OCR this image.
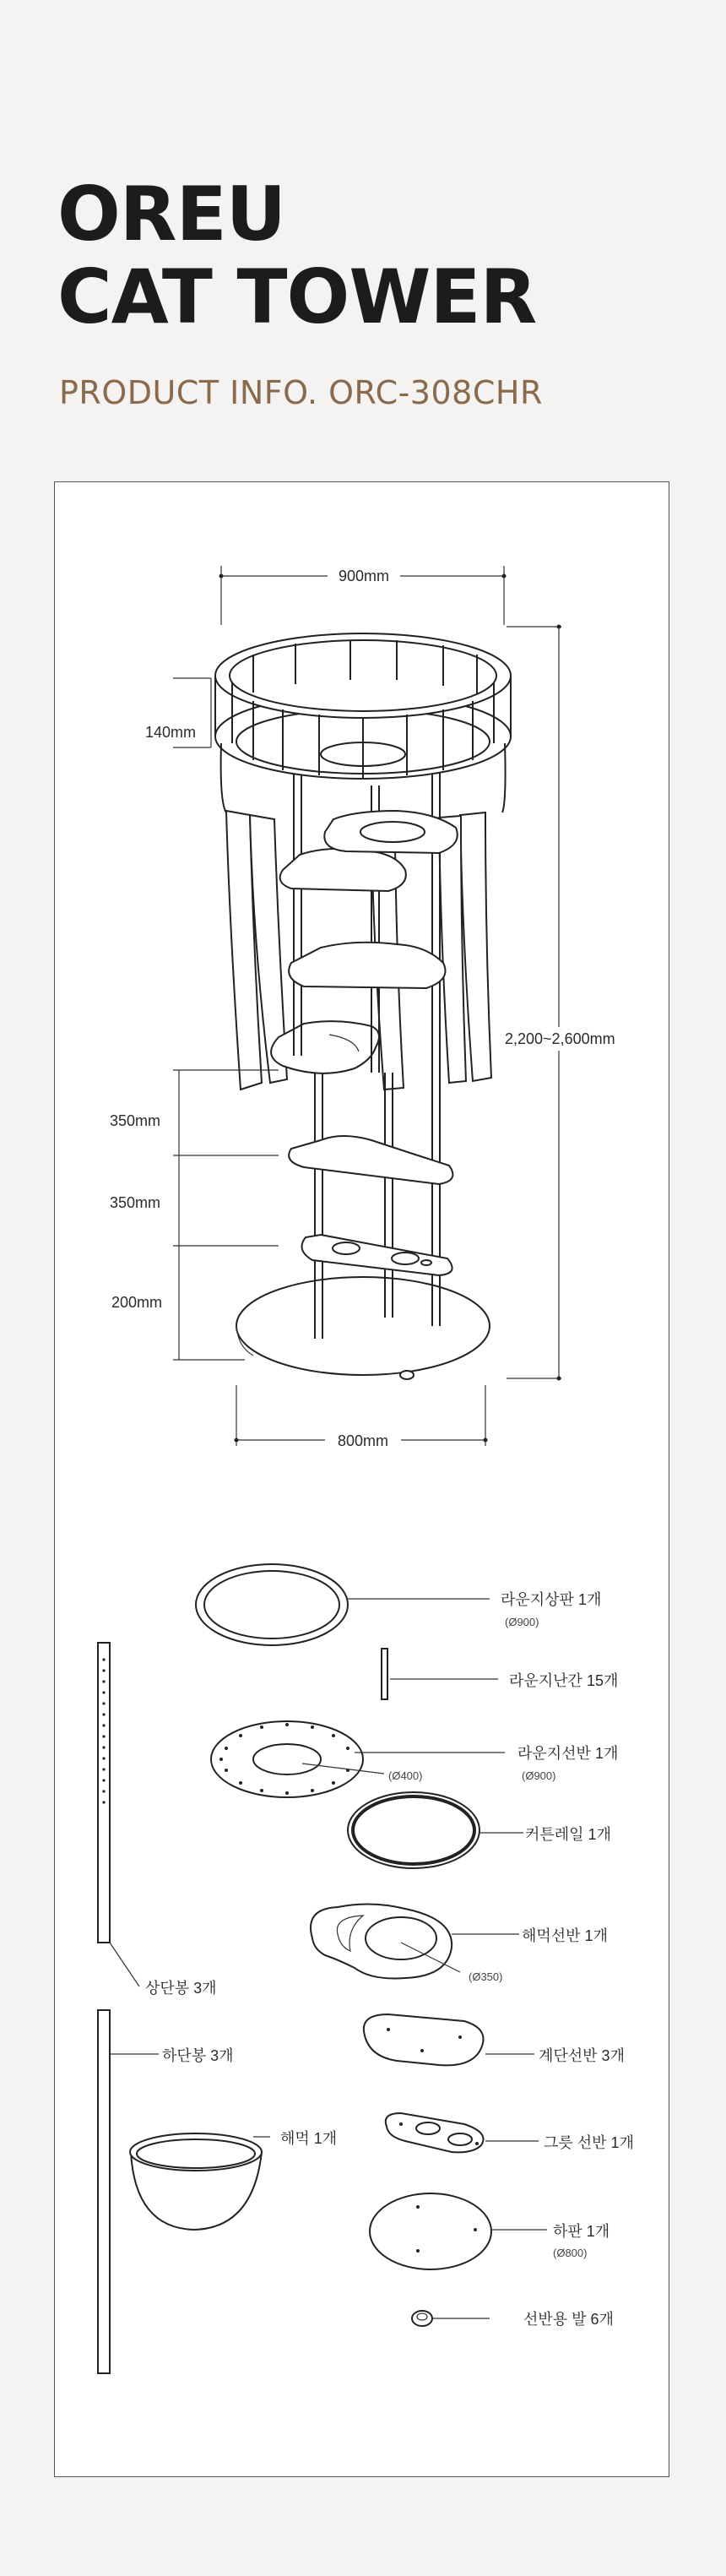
OREU
CAT TOWER
PRODUCT INFO. ORC-308CHR
900mm
140mm
2,200~2,600mm
350mm
350mm
200mm
800mm
라운지상판 1개
(Ø900)
라운지난간 15개
라운지선반 1개
(Ø900)
(Ø400)
커튼레일 1개
해먹선반 1개
(Ø350)
상단봉 3개
하단봉 3개	계단선반 3개
해먹 1개	그릇 선반 1개
하판 1개
(Ø800)
선반용 발 6개
